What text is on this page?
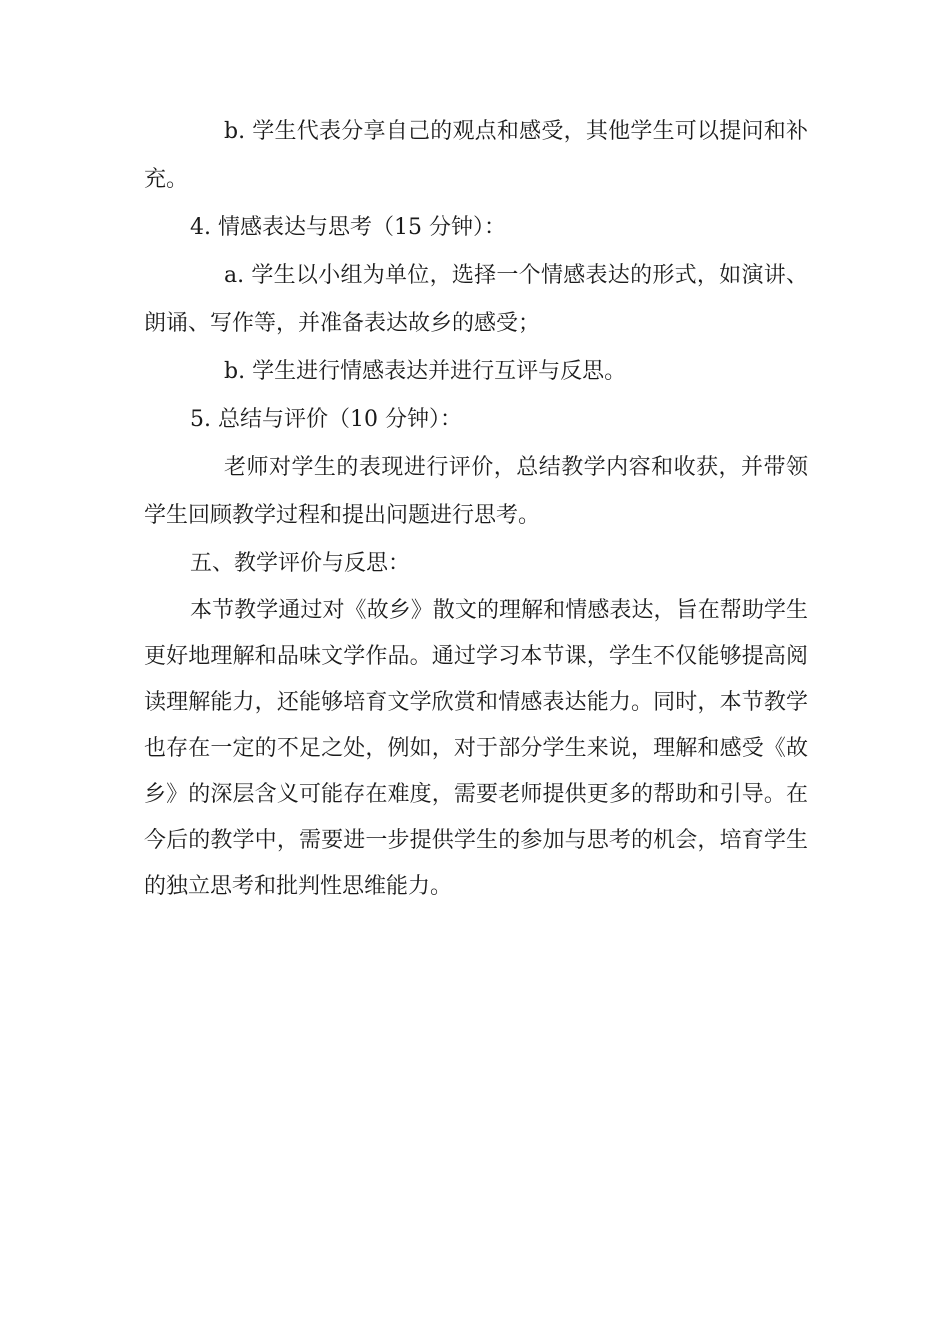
b. 学生代表分享自己的观点和感受，其他学生可以提问和补充。

4. 情感表达与思考（15 分钟）：

a. 学生以小组为单位，选择一个情感表达的形式，如演讲、朗诵、写作等，并准备表达故乡的感受；

b. 学生进行情感表达并进行互评与反思。

5. 总结与评价（10 分钟）：

老师对学生的表现进行评价，总结教学内容和收获，并带领学生回顾教学过程和提出问题进行思考。

五、教学评价与反思：

本节教学通过对《故乡》散文的理解和情感表达，旨在帮助学生更好地理解和品味文学作品。通过学习本节课，学生不仅能够提高阅读理解能力，还能够培育文学欣赏和情感表达能力。同时，本节教学也存在一定的不足之处，例如，对于部分学生来说，理解和感受《故乡》的深层含义可能存在难度，需要老师提供更多的帮助和引导。在今后的教学中，需要进一步提供学生的参加与思考的机会，培育学生的独立思考和批判性思维能力。
